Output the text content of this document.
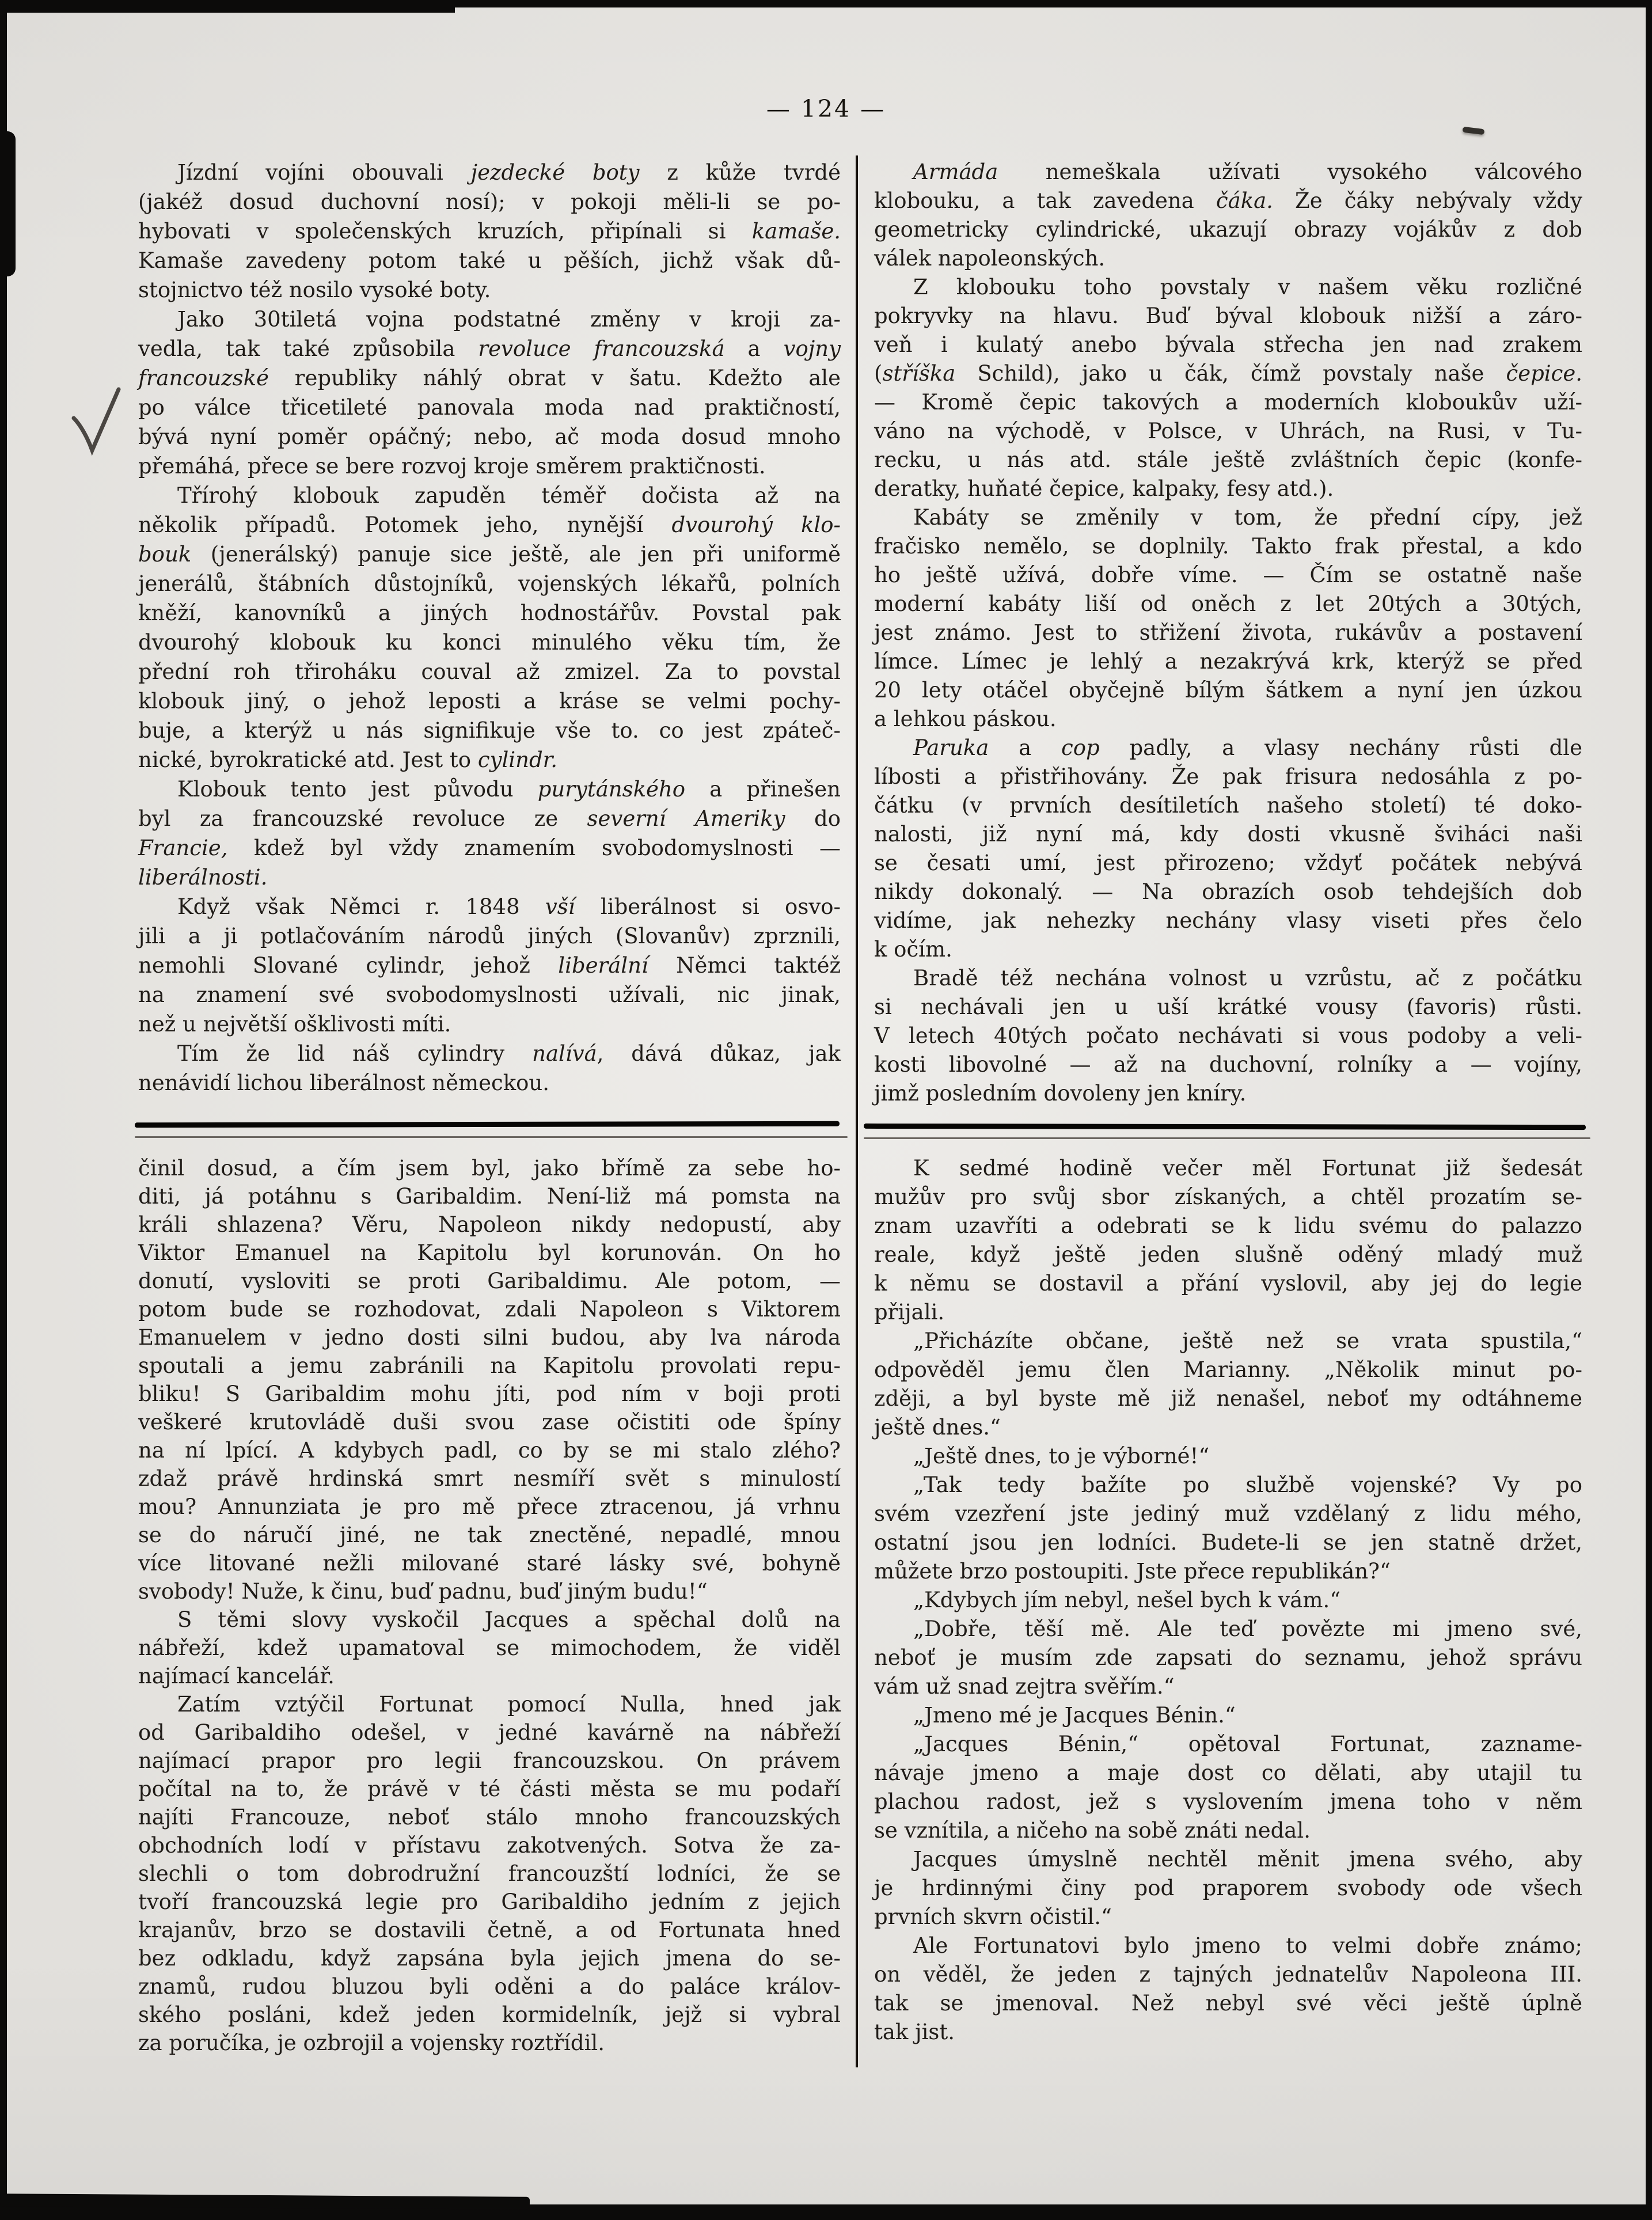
— 124 —
Jízdní vojíni obouvali jezdecké boty z kůže tvrdé
(jakéž dosud duchovní nosí); v pokoji měli-li se po-
hybovati v společenských kruzích, připínali si kamaše.
Kamaše zavedeny potom také u pěších, jichž však dů-
stojnictvo též nosilo vysoké boty.
Jako 30tiletá vojna podstatné změny v kroji za-
vedla, tak také způsobila revoluce francouzská a vojny
francouzské republiky náhlý obrat v šatu. Kdežto ale
po válce třicetileté panovala moda nad praktičností,
bývá nyní poměr opáčný; nebo, ač moda dosud mnoho
přemáhá, přece se bere rozvoj kroje směrem praktičnosti.
Třírohý klobouk zapuděn téměř dočista až na
několik případů. Potomek jeho, nynější dvourohý klo-
bouk (jenerálský) panuje sice ještě, ale jen při uniformě
jenerálů, štábních důstojníků, vojenských lékařů, polních
kněží, kanovníků a jiných hodnostářův. Povstal pak
dvourohý klobouk ku konci minulého věku tím, že
přední roh třiroháku couval až zmizel. Za to povstal
klobouk jiný, o jehož leposti a kráse se velmi pochy-
buje, a kterýž u nás signifikuje vše to. co jest zpáteč-
nické, byrokratické atd. Jest to cylindr.
Klobouk tento jest původu purytánského a přinešen
byl za francouzské revoluce ze severní Ameriky do
Francie, kdež byl vždy znamením svobodomyslnosti —
liberálnosti.
Když však Němci r. 1848 vší liberálnost si osvo-
jili a ji potlačováním národů jiných (Slovanův) zprznili,
nemohli Slované cylindr, jehož liberální Němci taktéž
na znamení své svobodomyslnosti užívali, nic jinak,
než u největší ošklivosti míti.
Tím že lid náš cylindry nalívá, dává důkaz, jak
nenávidí lichou liberálnost německou.
Armáda nemeškala užívati vysokého válcového
klobouku, a tak zavedena čáka. Že čáky nebývaly vždy
geometricky cylindrické, ukazují obrazy vojákův z dob
válek napoleonských.
Z klobouku toho povstaly v našem věku rozličné
pokryvky na hlavu. Buď býval klobouk nižší a záro-
veň i kulatý anebo bývala střecha jen nad zrakem
(stříška Schild), jako u čák, čímž povstaly naše čepice.
— Kromě čepic takových a moderních kloboukův uží-
váno na východě, v Polsce, v Uhrách, na Rusi, v Tu-
recku, u nás atd. stále ještě zvláštních čepic (konfe-
deratky, huňaté čepice, kalpaky, fesy atd.).
Kabáty se změnily v tom, že přední cípy, jež
fračisko nemělo, se doplnily. Takto frak přestal, a kdo
ho ještě užívá, dobře víme. — Čím se ostatně naše
moderní kabáty liší od oněch z let 20tých a 30tých,
jest známo. Jest to střižení života, rukávův a postavení
límce. Límec je lehlý a nezakrývá krk, kterýž se před
20 lety otáčel obyčejně bílým šátkem a nyní jen úzkou
a lehkou páskou.
Paruka a cop padly, a vlasy nechány růsti dle
líbosti a přistřihovány. Že pak frisura nedosáhla z po-
čátku (v prvních desítiletích našeho století) té doko-
nalosti, již nyní má, kdy dosti vkusně šviháci naši
se česati umí, jest přirozeno; vždyť počátek nebývá
nikdy dokonalý. — Na obrazích osob tehdejších dob
vidíme, jak nehezky nechány vlasy viseti přes čelo
k očím.
Bradě též nechána volnost u vzrůstu, ač z počátku
si nechávali jen u uší krátké vousy (favoris) růsti.
V letech 40tých počato nechávati si vous podoby a veli-
kosti libovolné — až na duchovní, rolníky a — vojíny,
jimž posledním dovoleny jen kníry.
činil dosud, a čím jsem byl, jako břímě za sebe ho-
diti, já potáhnu s Garibaldim. Není-liž má pomsta na
králi shlazena? Věru, Napoleon nikdy nedopustí, aby
Viktor Emanuel na Kapitolu byl korunován. On ho
donutí, vysloviti se proti Garibaldimu. Ale potom, —
potom bude se rozhodovat, zdali Napoleon s Viktorem
Emanuelem v jedno dosti silni budou, aby lva národa
spoutali a jemu zabránili na Kapitolu provolati repu-
bliku! S Garibaldim mohu jíti, pod ním v boji proti
veškeré krutovládě duši svou zase očistiti ode špíny
na ní lpící. A kdybych padl, co by se mi stalo zlého?
zdaž právě hrdinská smrt nesmíří svět s minulostí
mou? Annunziata je pro mě přece ztracenou, já vrhnu
se do náručí jiné, ne tak znectěné, nepadlé, mnou
více litované nežli milované staré lásky své, bohyně
svobody! Nuže, k činu, buď padnu, buď jiným budu!“
S těmi slovy vyskočil Jacques a spěchal dolů na
nábřeží, kdež upamatoval se mimochodem, že viděl
najímací kancelář.
Zatím vztýčil Fortunat pomocí Nulla, hned jak
od Garibaldiho odešel, v jedné kavárně na nábřeží
najímací prapor pro legii francouzskou. On právem
počítal na to, že právě v té části města se mu podaří
najíti Francouze, neboť stálo mnoho francouzských
obchodních lodí v přístavu zakotvených. Sotva že za-
slechli o tom dobrodružní francouzští lodníci, že se
tvoří francouzská legie pro Garibaldiho jedním z jejich
krajanův, brzo se dostavili četně, a od Fortunata hned
bez odkladu, když zapsána byla jejich jmena do se-
znamů, rudou bluzou byli oděni a do paláce králov-
ského posláni, kdež jeden kormidelník, jejž si vybral
za poručíka, je ozbrojil a vojensky roztřídil.
K sedmé hodině večer měl Fortunat již šedesát
mužův pro svůj sbor získaných, a chtěl prozatím se-
znam uzavříti a odebrati se k lidu svému do palazzo
reale, když ještě jeden slušně oděný mladý muž
k němu se dostavil a přání vyslovil, aby jej do legie
přijali.
„Přicházíte občane, ještě než se vrata spustila,“
odpověděl jemu člen Marianny. „Několik minut po-
zději, a byl byste mě již nenašel, neboť my odtáhneme
ještě dnes.“
„Ještě dnes, to je výborné!“
„Tak tedy bažíte po službě vojenské? Vy po
svém vzezření jste jediný muž vzdělaný z lidu mého,
ostatní jsou jen lodníci. Budete-li se jen statně držet,
můžete brzo postoupiti. Jste přece republikán?“
„Kdybych jím nebyl, nešel bych k vám.“
„Dobře, těší mě. Ale teď povězte mi jmeno své,
neboť je musím zde zapsati do seznamu, jehož správu
vám už snad zejtra svěřím.“
„Jmeno mé je Jacques Bénin.“
„Jacques Bénin,“ opětoval Fortunat, zazname-
návaje jmeno a maje dost co dělati, aby utajil tu
plachou radost, jež s vyslovením jmena toho v něm
se vznítila, a ničeho na sobě znáti nedal.
Jacques úmyslně nechtěl měnit jmena svého, aby
je hrdinnými činy pod praporem svobody ode všech
prvních skvrn očistil.“
Ale Fortunatovi bylo jmeno to velmi dobře známo;
on věděl, že jeden z tajných jednatelův Napoleona III.
tak se jmenoval. Než nebyl své věci ještě úplně
tak jist.
